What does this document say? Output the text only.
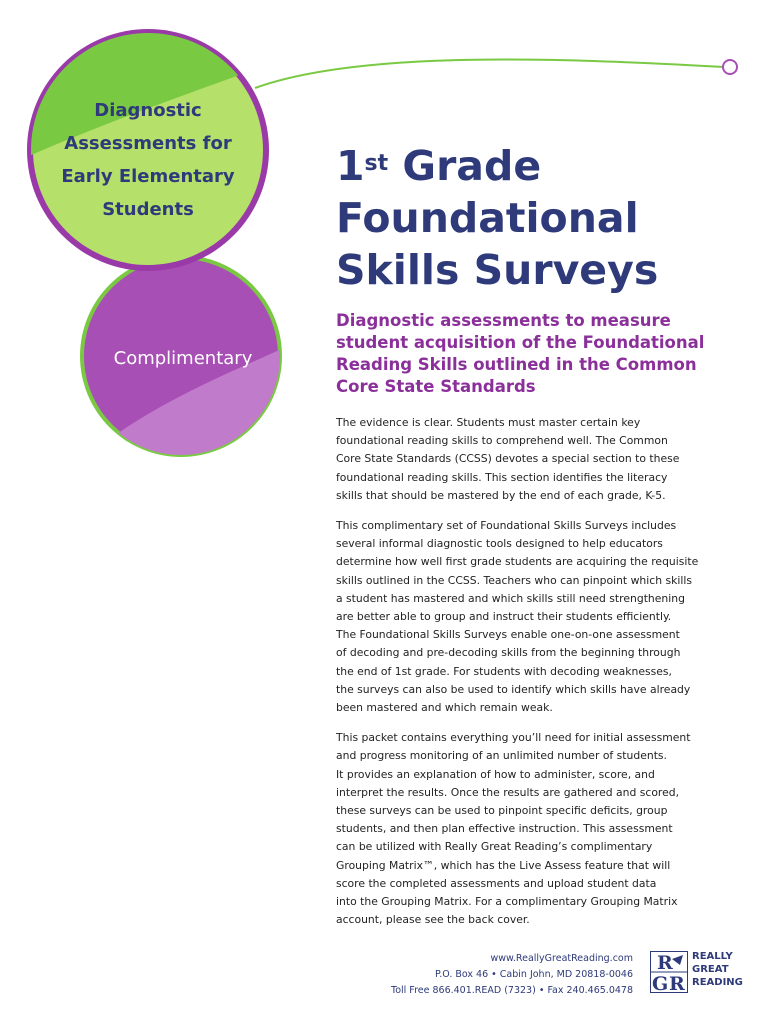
Diagnostic
Assessments for
Early Elementary
Students
Complimentary
1st Grade
Foundational
Skills Surveys
Diagnostic assessments to measure
student acquisition of the Foundational
Reading Skills outlined in the Common
Core State Standards
The evidence is clear. Students must master certain key
foundational reading skills to comprehend well. The Common
Core State Standards (CCSS) devotes a special section to these
foundational reading skills. This section identifies the literacy
skills that should be mastered by the end of each grade, K-5.
This complimentary set of Foundational Skills Surveys includes
several informal diagnostic tools designed to help educators
determine how well first grade students are acquiring the requisite
skills outlined in the CCSS. Teachers who can pinpoint which skills
a student has mastered and which skills still need strengthening
are better able to group and instruct their students efficiently.
The Foundational Skills Surveys enable one-on-one assessment
of decoding and pre-decoding skills from the beginning through
the end of 1st grade. For students with decoding weaknesses,
the surveys can also be used to identify which skills have already
been mastered and which remain weak.
This packet contains everything you’ll need for initial assessment
and progress monitoring of an unlimited number of students.
It provides an explanation of how to administer, score, and
interpret the results. Once the results are gathered and scored,
these surveys can be used to pinpoint specific deficits, group
students, and then plan effective instruction. This assessment
can be utilized with Really Great Reading’s complimentary
Grouping Matrix™, which has the Live Assess feature that will
score the completed assessments and upload student data
into the Grouping Matrix. For a complimentary Grouping Matrix
account, please see the back cover.
www.ReallyGreatReading.com
P.O. Box 46 • Cabin John, MD 20818-0046
Toll Free 866.401.READ (7323) • Fax 240.465.0478
R
G R
REALLY
GREAT
READING
